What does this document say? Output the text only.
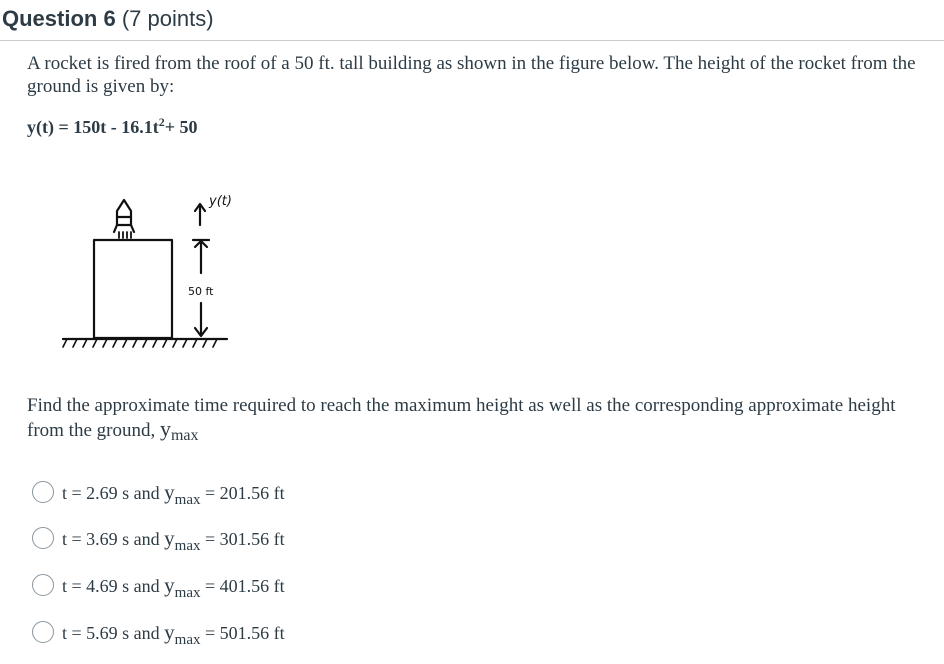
Question 6 (7 points)
A rocket is fired from the roof of a 50 ft. tall building as shown in the figure below. The height of the rocket from the ground is given by:
$y(t) = 150t - 16.1t^2+ 50$
y(t)
50 ft
Find the approximate time required to reach the maximum height as well as the corresponding approximate height from the ground, $y_{max}$
t = 2.69 s and $y_{max} = 201.56$ ft
t = 3.69 s and $y_{max} = 301.56$ ft
t = 4.69 s and $y_{max} = 401.56$ ft
t = 5.69 s and $y_{max} = 501.56$ ft
